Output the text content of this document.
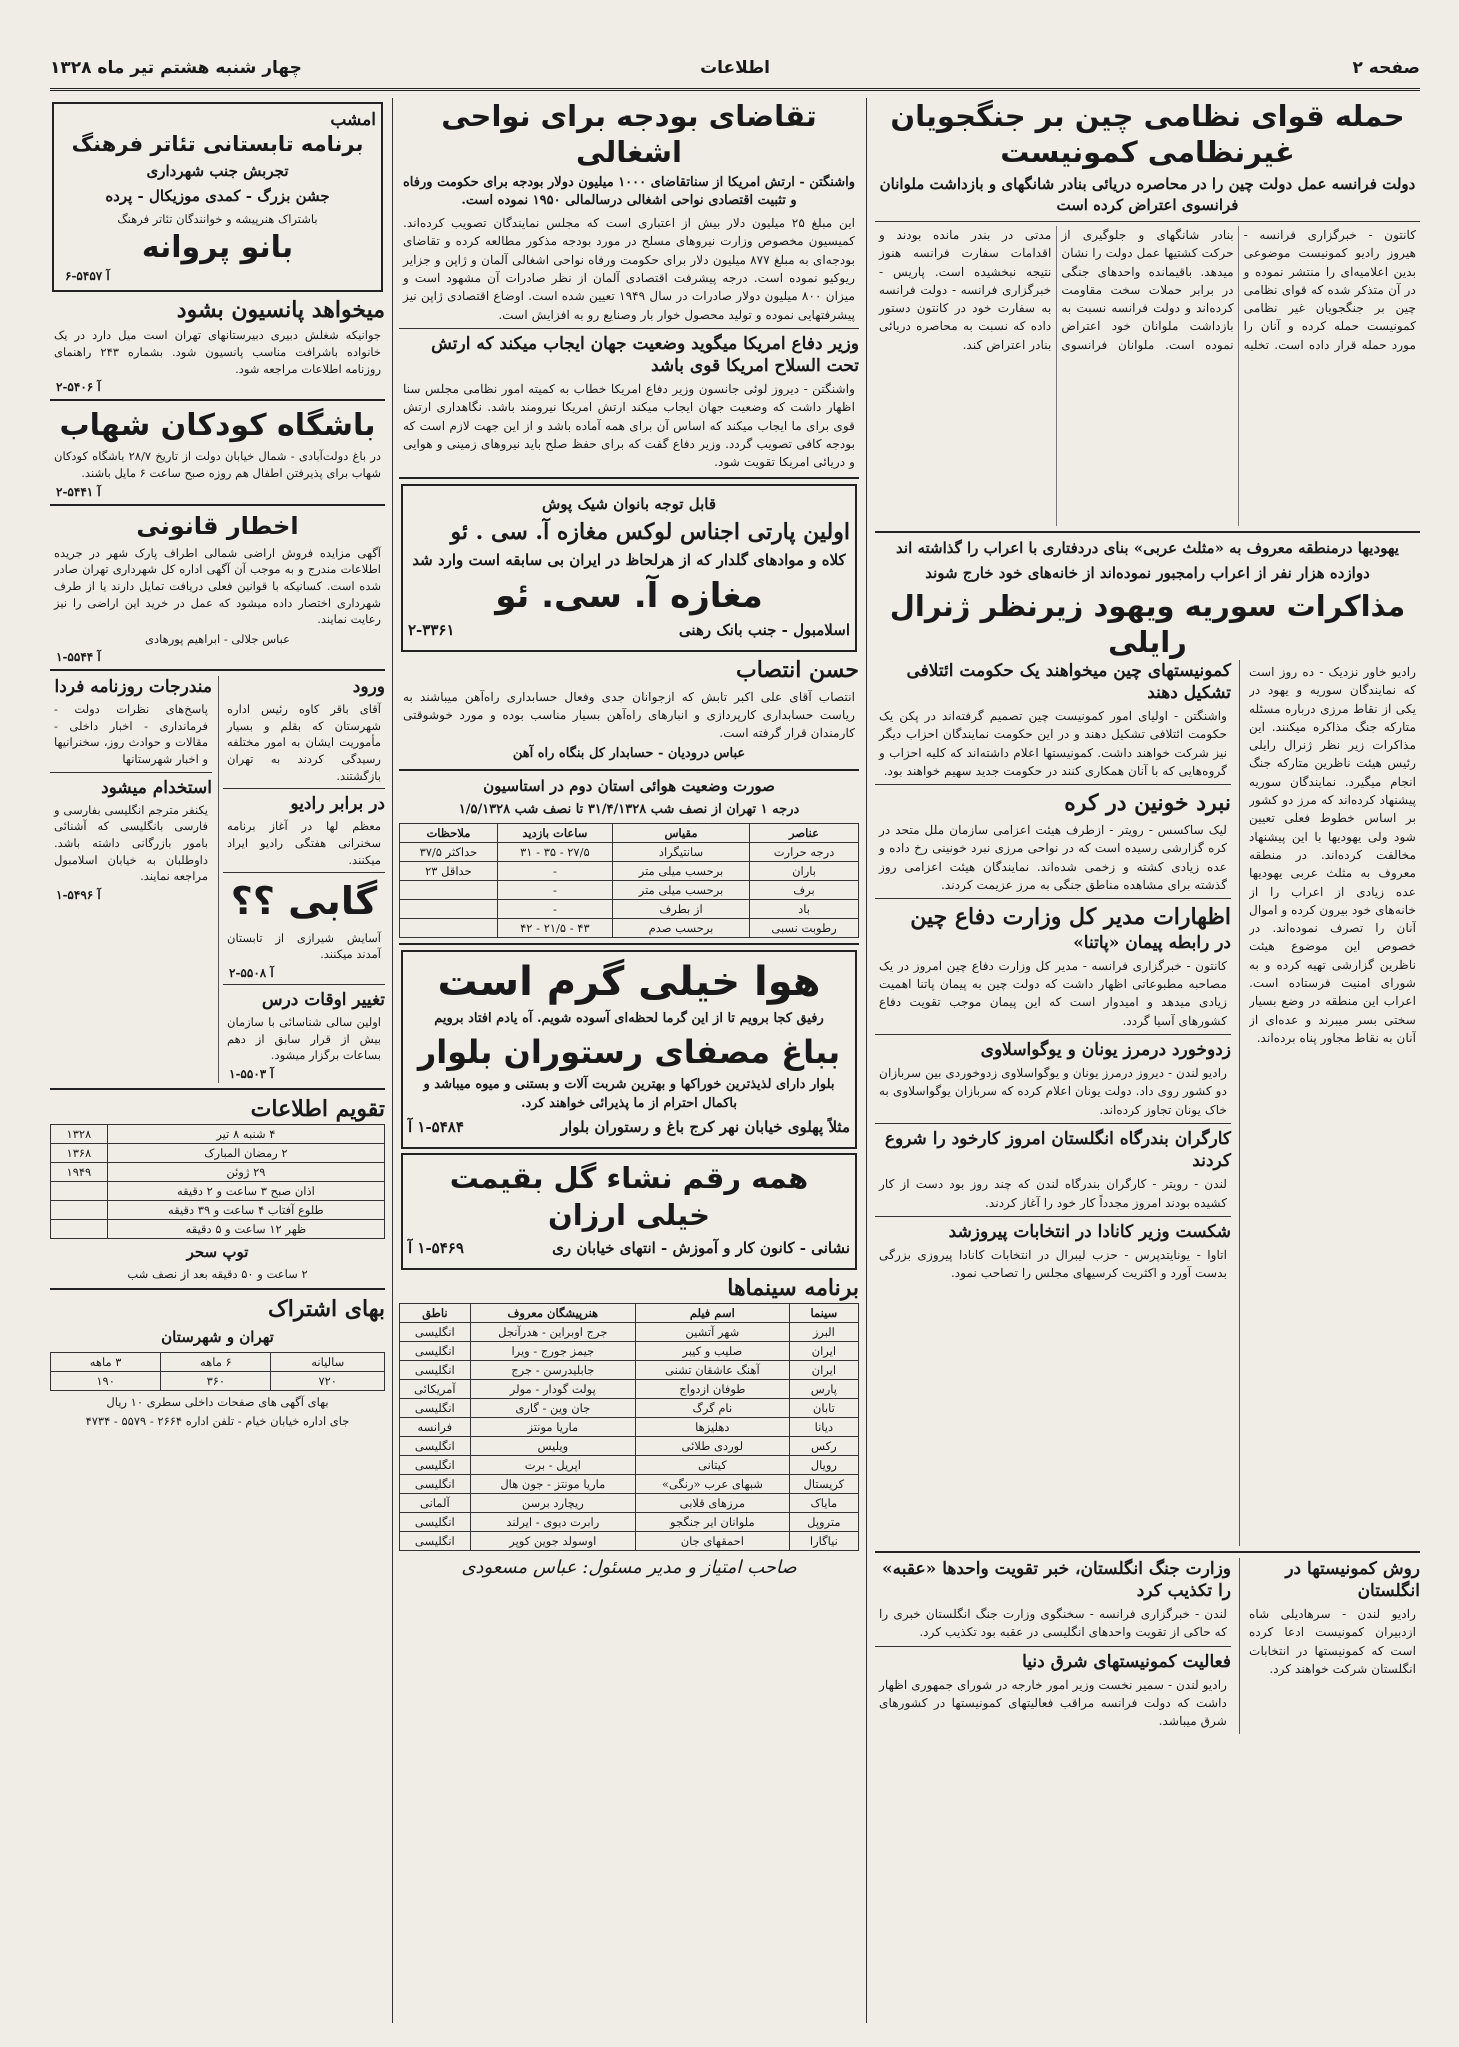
صفحه ۲
اطلاعات
چهار شنبه هشتم تیر ماه ۱۳۲۸
حمله قوای نظامی چین بر جنگجویان غیرنظامی کمونیست
دولت فرانسه عمل دولت چین را در محاصره دریائی بنادر شانگهای و بازداشت ملوانان فرانسوی اعتراض کرده است
کانتون - خبرگزاری فرانسه - هیروز رادیو کمونیست موضوعی بدین اعلامیه‌ای را منتشر نموده و در آن متذکر شده که قوای نظامی چین بر جنگجویان غیر نظامی کمونیست حمله کرده و آنان را مورد حمله قرار داده است. تخلیه بنادر شانگهای و جلوگیری از حرکت کشتیها عمل دولت را نشان میدهد. باقیمانده واحدهای جنگی در برابر حملات سخت مقاومت کرده‌اند و دولت فرانسه نسبت به بازداشت ملوانان خود اعتراض نموده است. ملوانان فرانسوی مدتی در بندر مانده بودند و اقدامات سفارت فرانسه هنوز نتیجه نبخشیده است. پاریس - خبرگزاری فرانسه - دولت فرانسه به سفارت خود در کانتون دستور داده که نسبت به محاصره دریائی بنادر اعتراض کند.
یهودیها درمنطقه معروف به «مثلث عربی» بنای دردفتاری با اعراب را گذاشته اند
دوازده هزار نفر از اعراب رامجبور نموده‌اند از خانه‌های خود خارج شوند
مذاکرات سوریه ویهود زیرنظر ژنرال رایلی
رادیو خاور نزدیک - ده روز است که نمایندگان سوریه و یهود در یکی از نقاط مرزی درباره مسئله متارکه جنگ مذاکره میکنند. این مذاکرات زیر نظر ژنرال رایلی رئیس هیئت ناظرین متارکه جنگ انجام میگیرد. نمایندگان سوریه پیشنهاد کرده‌اند که مرز دو کشور بر اساس خطوط فعلی تعیین شود ولی یهودیها با این پیشنهاد مخالفت کرده‌اند. در منطقه معروف به مثلث عربی یهودیها عده زیادی از اعراب را از خانه‌های خود بیرون کرده و اموال آنان را تصرف نموده‌اند. در خصوص این موضوع هیئت ناظرین گزارشی تهیه کرده و به شورای امنیت فرستاده است. اعراب این منطقه در وضع بسیار سختی بسر میبرند و عده‌ای از آنان به نقاط مجاور پناه برده‌اند.
کمونیستهای چین میخواهند یک حکومت ائتلافی تشکیل دهند
واشنگتن - اولیای امور کمونیست چین تصمیم گرفته‌اند در پکن یک حکومت ائتلافی تشکیل دهند و در این حکومت نمایندگان احزاب دیگر نیز شرکت خواهند داشت. کمونیستها اعلام داشته‌اند که کلیه احزاب و گروه‌هایی که با آنان همکاری کنند در حکومت جدید سهیم خواهند بود.
نبرد خونین در کره
لیک ساکسس - رویتر - ازطرف هیئت اعزامی سازمان ملل متحد در کره گزارشی رسیده است که در نواحی مرزی نبرد خونینی رخ داده و عده زیادی کشته و زخمی شده‌اند. نمایندگان هیئت اعزامی روز گذشته برای مشاهده مناطق جنگی به مرز عزیمت کردند.
اظهارات مدیر کل وزارت دفاع چین
در رابطه پیمان «پاتنا»
کانتون - خبرگزاری فرانسه - مدیر کل وزارت دفاع چین امروز در یک مصاحبه مطبوعاتی اظهار داشت که دولت چین به پیمان پاتنا اهمیت زیادی میدهد و امیدوار است که این پیمان موجب تقویت دفاع کشورهای آسیا گردد.
زدوخورد درمرز یونان و یوگواسلاوی
رادیو لندن - دیروز درمرز یونان و یوگواسلاوی زدوخوردی بین سربازان دو کشور روی داد. دولت یونان اعلام کرده که سربازان یوگواسلاوی به خاک یونان تجاوز کرده‌اند.
کارگران بندرگاه انگلستان امروز کارخود را شروع کردند
لندن - رویتر - کارگران بندرگاه لندن که چند روز بود دست از کار کشیده بودند امروز مجدداً کار خود را آغاز کردند.
شکست وزیر کانادا در انتخابات پیروزشد
اتاوا - یونایتدپرس - حزب لیبرال در انتخابات کانادا پیروزی بزرگی بدست آورد و اکثریت کرسیهای مجلس را تصاحب نمود.
روش کمونیستها در انگلستان
رادیو لندن - سرهادیلی شاه ازدبیران کمونیست ادعا کرده است که کمونیستها در انتخابات انگلستان شرکت خواهند کرد.
وزارت جنگ انگلستان، خبر تقویت واحدها «عقبه» را تکذیب کرد
لندن - خبرگزاری فرانسه - سخنگوی وزارت جنگ انگلستان خبری را که حاکی از تقویت واحدهای انگلیسی در عقبه بود تکذیب کرد.
فعالیت کمونیستهای شرق دنیا
رادیو لندن - سمیر نخست وزیر امور خارجه در شورای جمهوری اظهار داشت که دولت فرانسه مراقب فعالیتهای کمونیستها در کشورهای شرق میباشد.
تقاضای بودجه برای نواحی اشغالی
واشنگتن - ارتش امریکا از سناتقاضای ۱۰۰۰ میلیون دولار بودجه برای حکومت ورفاه و تثبیت اقتصادی نواحی اشغالی درسالمالی ۱۹۵۰ نموده است.
این مبلغ ۲۵ میلیون دلار بیش از اعتباری است که مجلس نمایندگان تصویب کرده‌اند. کمیسیون مخصوص وزارت نیروهای مسلح در مورد بودجه مذکور مطالعه کرده و تقاضای بودجه‌ای به مبلغ ۸۷۷ میلیون دلار برای حکومت ورفاه نواحی اشغالی آلمان و ژاپن و جزایر ریوکیو نموده است. درجه پیشرفت اقتصادی آلمان از نظر صادرات آن مشهود است و میزان ۸۰۰ میلیون دولار صادرات در سال ۱۹۴۹ تعیین شده است. اوضاع اقتصادی ژاپن نیز پیشرفتهایی نموده و تولید محصول خوار بار وصنایع رو به افزایش است.
وزیر دفاع امریکا میگوید وضعیت جهان ایجاب میکند که ارتش تحت السلاح امریکا قوی باشد
واشنگتن - دیروز لوئی جانسون وزیر دفاع امریکا خطاب به کمیته امور نظامی مجلس سنا اظهار داشت که وضعیت جهان ایجاب میکند ارتش امریکا نیرومند باشد. نگاهداری ارتش قوی برای ما ایجاب میکند که اساس آن برای همه آماده باشد و از این جهت لازم است که بودجه کافی تصویب گردد. وزیر دفاع گفت که برای حفظ صلح باید نیروهای زمینی و هوایی و دریائی امریکا تقویت شود.
قابل توجه بانوان شیک پوش
اولین پارتی اجناس لوکس مغازه آ. سی . ئو
کلاه و مواد‌های گلدار که از هرلحاظ در ایران بی سابقه است وارد شد
مغازه آ. سی. ئو
اسلامبول - جنب بانک رهنی
۲-۳۳۶۱
حسن انتصاب
انتصاب آقای علی اکبر تابش که ازجوانان جدی وفعال حسابداری راه‌آهن میباشند به ریاست حسابداری کارپردازی و انبارهای راه‌آهن بسیار مناسب بوده و مورد خوشوقتی کارمندان قرار گرفته است.
عباس درودیان - حسابدار کل بنگاه راه آهن
صورت وضعیت هوائی استان دوم در استاسیون
درجه ۱ تهران از نصف شب ۳۱/۴/۱۳۲۸ تا نصف شب ۱/۵/۱۳۲۸
عناصر	مقیاس	ساعات بازدید	ملاحظات
درجه حرارت	سانتیگراد	۲۷/۵ - ۳۵ - ۳۱	حداکثر ۳۷/۵
باران	برحسب میلی متر	-	حداقل ۲۳
برف	برحسب میلی متر	-	
باد	از بطرف	-	
رطوبت نسبی	برحسب صدم	۴۳ - ۲۱/۵ - ۴۲	
هوا خیلی گرم است
رفیق کجا برویم تا از این گرما لحظه‌ای آسوده شویم. آه یادم افتاد برویم
بباغ مصفای رستوران بلوار
بلوار دارای لذیذترین خوراکها و بهترین شربت آلات و بستنی و میوه میباشد و باکمال احترام از ما پذیرائی خواهند کرد.
مثلاً پهلوی خیابان نهر کرج باغ و رستوران بلوار
۱-۵۴۸۴ آ
همه رقم نشاء گل بقیمت خیلی ارزان
نشانی - کانون کار و آموزش - انتهای خیابان ری
۱-۵۴۶۹ آ
برنامه سینماها
سینما	اسم فیلم	هنرپیشگان معروف	ناطق
البرز	شهر آتشین	جرج اوبراین - هدرآنجل	انگلیسی
ایران	صلیب و کیبر	جیمز جورج - ویرا	انگلیسی
ایران	آهنگ عاشقان تشنی	جابلیدرسن - جرج	انگلیسی
پارس	طوفان ازدواج	پولت گودار - مولر	آمریکائی
تابان	نام گرگ	جان وین - گاری	انگلیسی
دیانا	دهلیزها	ماریا مونتز	فرانسه
رکس	لوردی طلائی	ویلیس	انگلیسی
رویال	کیتانی	اپریل - برت	انگلیسی
کریستال	شبهای عرب «رنگی»	ماریا مونتز - جون هال	انگلیسی
مایاک	مرزهای قلابی	ریچارد برسن	آلمانی
متروپل	ملوانان ایر جنگجو	رابرت دیوی - ایرلند	انگلیسی
نیاگارا	احمقهای جان	اوسولد جوین کوپر	انگلیسی
صاحب امتیاز و مدیر مسئول: عباس مسعودی
امشب
برنامه تابستانی تئاتر فرهنگ
تجربش جنب شهرداری
جشن بزرگ - کمدی موزیکال - پرده
باشتراک هنرپیشه و خوانندگان تئاتر فرهنگ
بانو پروانه
۶-۵۴۵۷ آ
میخواهد پانسیون بشود
جوانیکه شغلش دبیری دبیرستانهای تهران است میل دارد در یک خانواده باشرافت مناسب پانسیون شود. بشماره ۲۴۳ راهنمای روزنامه اطلاعات مراجعه شود.
۲-۵۴۰۶ آ
باشگاه کودکان شهاب
در باغ دولت‌آبادی - شمال خیابان دولت از تاریخ ۲۸/۷ باشگاه کودکان شهاب برای پذیرفتن اطفال هم روزه صبح ساعت ۶ مایل باشند.
۲-۵۴۴۱ آ
اخطار قانونی
آگهی مزایده فروش اراضی شمالی اطراف پارک شهر در جریده اطلاعات مندرج و به موجب آن آگهی اداره کل شهرداری تهران صادر شده است. کسانیکه با قوانین فعلی دریافت تمایل دارند یا از طرف شهرداری اختصار داده میشود که عمل در خرید این اراضی را نیز رعایت نمایند.
عباس جلالی - ابراهیم پورهادی
۱-۵۵۴۴ آ
ورود
آقای باقر کاوه رئیس اداره شهرستان که بقلم و بسیار مأموریت ایشان به امور مختلفه رسیدگی کردند به تهران بازگشتند.
در برابر رادیو
معظم لها در آغاز برنامه سخنرانی هفتگی رادیو ایراد میکنند.
گابی ؟؟
آسایش شیرازی از تابستان آمدند میکنند.
۲-۵۵۰۸ آ
تغییر اوقات درس
اولین سالی شناسائی با سازمان بیش از قرار سابق از دهم بساعات برگزار میشود.
۱-۵۵۰۳ آ
مندرجات روزنامه فردا
پاسخ‌های نظرات دولت - فرمانداری - اخبار داخلی - مقالات و حوادث روز، سخنرانیها و اخبار شهرستانها
استخدام میشود
یکنفر مترجم انگلیسی بفارسی و فارسی بانگلیسی که آشنائی بامور بازرگانی داشته باشد. داوطلبان به خیابان اسلامبول مراجعه نمایند.
۱-۵۴۹۶ آ
تقویم اطلاعات
۴ شنبه ۸ تیر	۱۳۲۸
۲ رمضان المبارک	۱۳۶۸
۲۹ ژوئن	۱۹۴۹
اذان صبح ۳ ساعت و ۲ دقیقه	
طلوع آفتاب ۴ ساعت و ۳۹ دقیقه	
ظهر ۱۲ ساعت و ۵ دقیقه	
توپ سحر
۲ ساعت و ۵۰ دقیقه بعد از نصف شب
بهای اشتراک
تهران و شهرستان
سالیانه	۶ ماهه	۳ ماهه
۷۲۰	۳۶۰	۱۹۰
بهای آگهی های صفحات داخلی سطری ۱۰ ریال
جای اداره خیابان خیام - تلفن اداره ۲۶۶۴ - ۵۵۷۹ - ۴۷۳۴
